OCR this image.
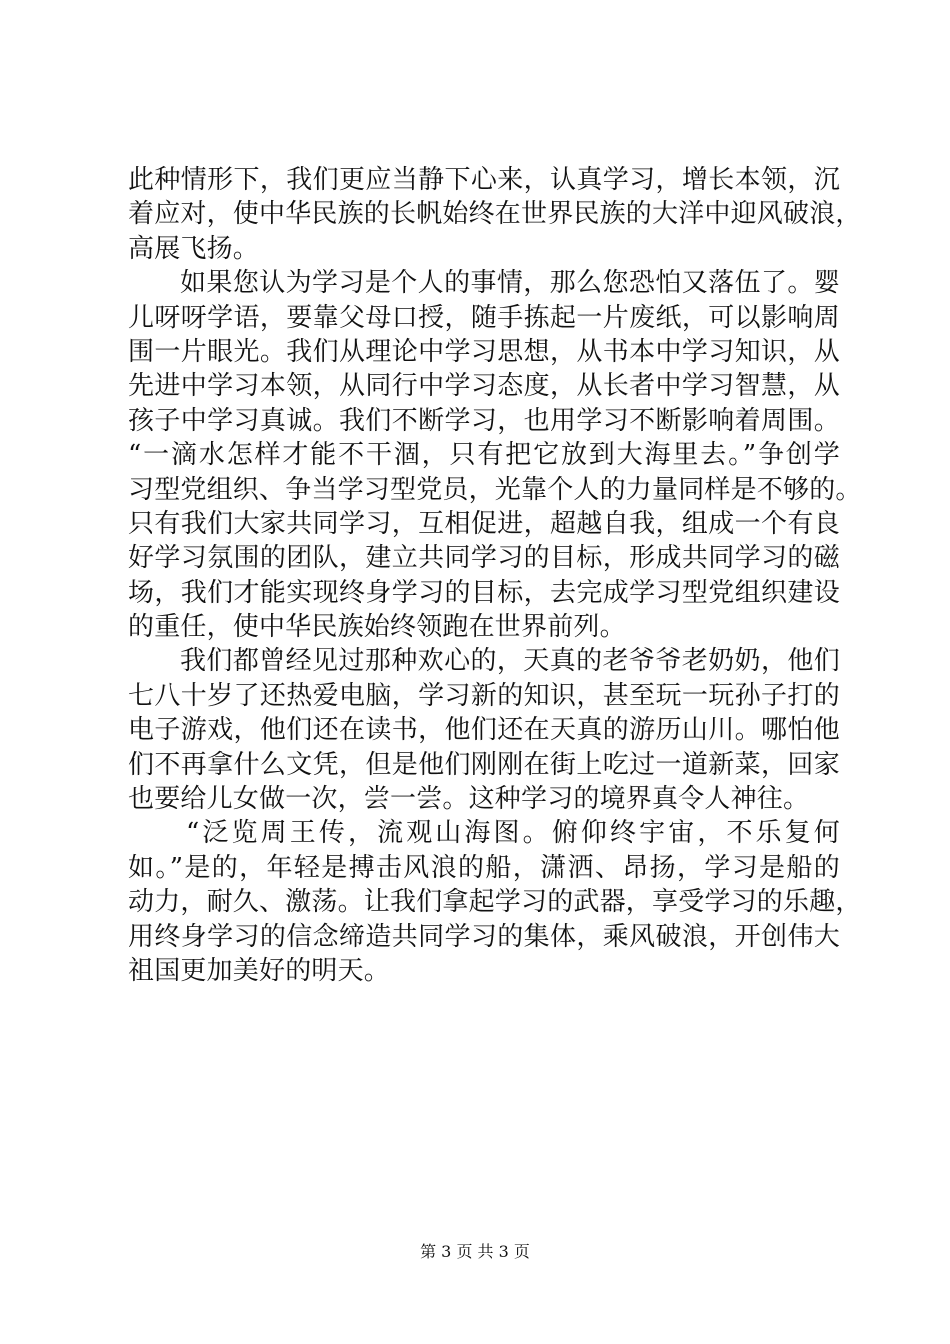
此种情形下，我们更应当静下心来，认真学习，增长本领，沉
着应对，使中华民族的长帆始终在世界民族的大洋中迎风破浪，
高展飞扬。
如果您认为学习是个人的事情，那么您恐怕又落伍了。婴
儿呀呀学语，要靠父母口授，随手拣起一片废纸，可以影响周
围一片眼光。我们从理论中学习思想，从书本中学习知识，从
先进中学习本领，从同行中学习态度，从长者中学习智慧，从
孩子中学习真诚。我们不断学习，也用学习不断影响着周围。
“一滴水怎样才能不干涸，只有把它放到大海里去。”争创学
习型党组织、争当学习型党员，光靠个人的力量同样是不够的。
只有我们大家共同学习，互相促进，超越自我，组成一个有良
好学习氛围的团队，建立共同学习的目标，形成共同学习的磁
场，我们才能实现终身学习的目标，去完成学习型党组织建设
的重任，使中华民族始终领跑在世界前列。
我们都曾经见过那种欢心的，天真的老爷爷老奶奶，他们
七八十岁了还热爱电脑，学习新的知识，甚至玩一玩孙子打的
电子游戏，他们还在读书，他们还在天真的游历山川。哪怕他
们不再拿什么文凭，但是他们刚刚在街上吃过一道新菜，回家
也要给儿女做一次，尝一尝。这种学习的境界真令人神往。
“泛览周王传，流观山海图。俯仰终宇宙，不乐复何
如。”是的，年轻是搏击风浪的船，潇洒、昂扬，学习是船的
动力，耐久、激荡。让我们拿起学习的武器，享受学习的乐趣，
用终身学习的信念缔造共同学习的集体，乘风破浪，开创伟大
祖国更加美好的明天。
第 3 页 共 3 页
